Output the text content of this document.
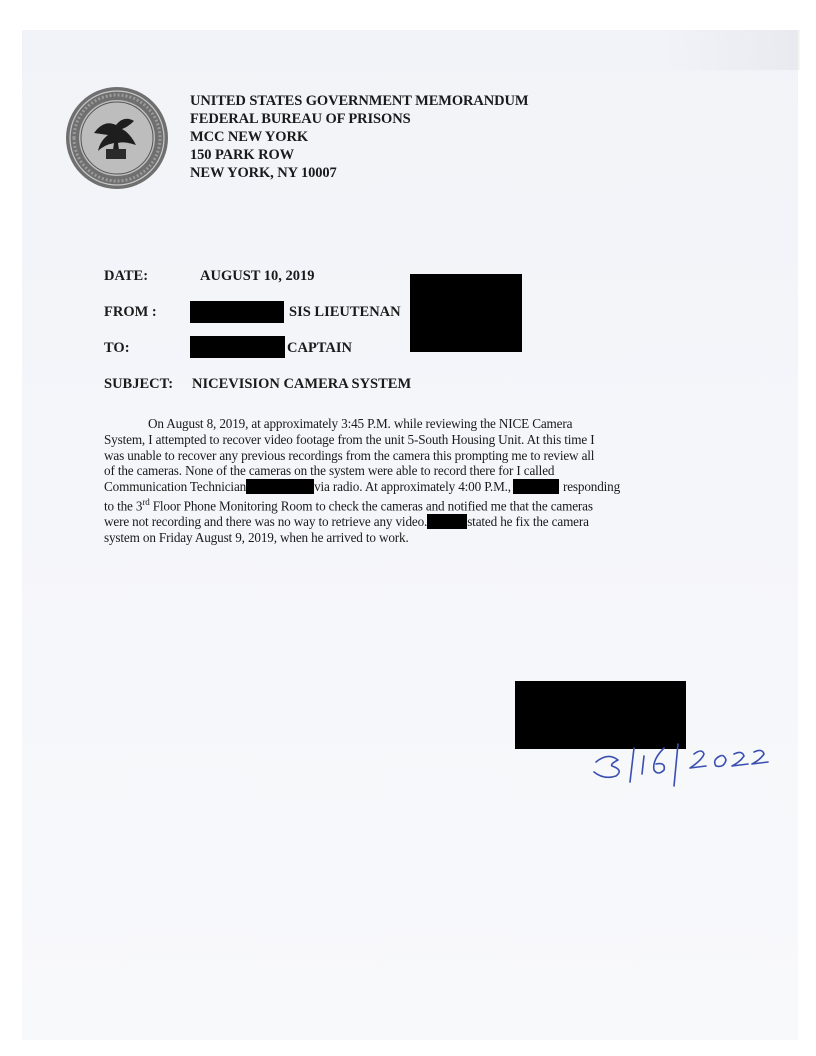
UNITED STATES GOVERNMENT MEMORANDUM
FEDERAL BUREAU OF PRISONS
MCC NEW YORK
150 PARK ROW
NEW YORK, NY 10007
DATE:	AUGUST 10, 2019
FROM :	SIS LIEUTENAN
TO:	CAPTAIN
SUBJECT: NICEVISION CAMERA SYSTEM
On August 8, 2019, at approximately 3:45 P.M. while reviewing the NICE Camera
System, I attempted to recover video footage from the unit 5-South Housing Unit. At this time I
was unable to recover any previous recordings from the camera this prompting me to review all
of the cameras. None of the cameras on the system were able to record there for I called
Communication Technician	via radio. At approximately 4:00 P.M.,	responding
to the 3rd Floor Phone Monitoring Room to check the cameras and notified me that the cameras
were not recording and there was no way to retrieve any video.	stated he fix the camera
system on Friday August 9, 2019, when he arrived to work.
